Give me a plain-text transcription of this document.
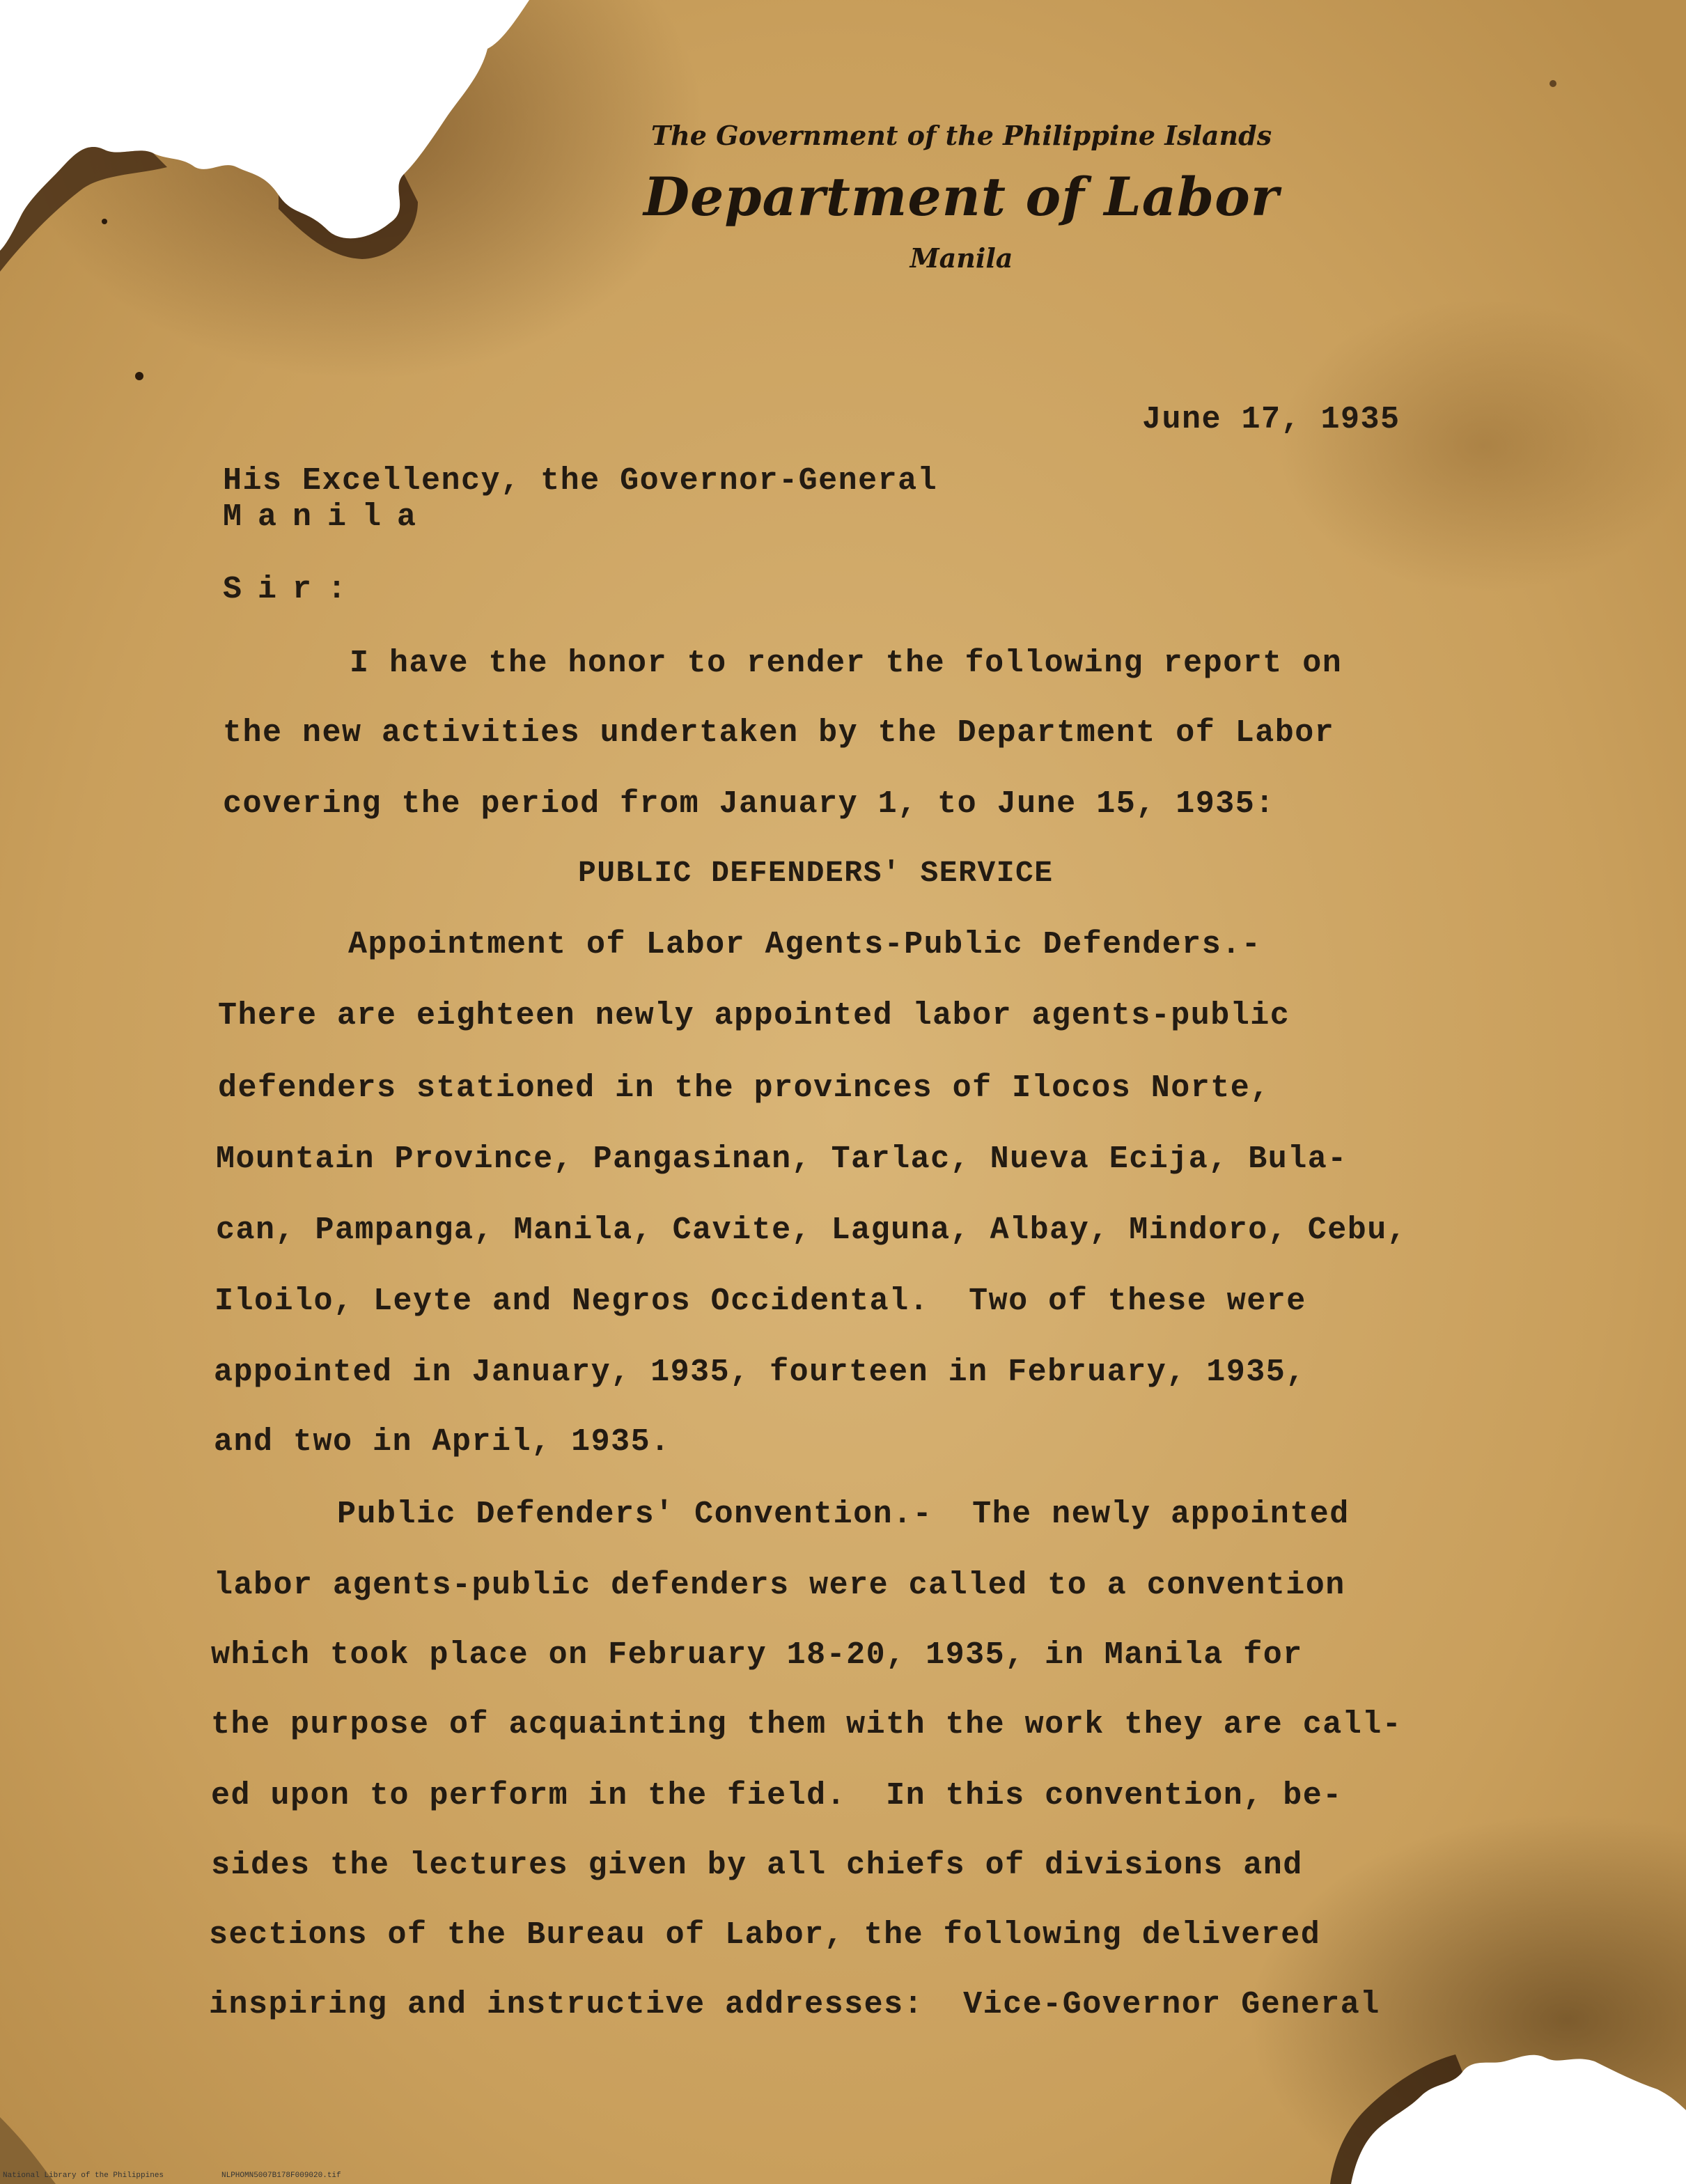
The Government of the Philippine Islands
Department of Labor
Manila
June 17, 1935
His Excellency, the Governor-General
Manila
Sir:
I have the honor to render the following report on
the new activities undertaken by the Department of Labor
covering the period from January 1, to June 15, 1935:
PUBLIC DEFENDERS' SERVICE
Appointment of Labor Agents-Public Defenders.-
There are eighteen newly appointed labor agents-public
defenders stationed in the provinces of Ilocos Norte,
Mountain Province, Pangasinan, Tarlac, Nueva Ecija, Bula-
can, Pampanga, Manila, Cavite, Laguna, Albay, Mindoro, Cebu,
Iloilo, Leyte and Negros Occidental.  Two of these were
appointed in January, 1935, fourteen in February, 1935,
and two in April, 1935.
Public Defenders' Convention.-  The newly appointed
labor agents-public defenders were called to a convention
which took place on February 18-20, 1935, in Manila for
the purpose of acquainting them with the work they are call-
ed upon to perform in the field.  In this convention, be-
sides the lectures given by all chiefs of divisions and
sections of the Bureau of Labor, the following delivered
inspiring and instructive addresses:  Vice-Governor General
National Library of the Philippines	NLPHOMN5007B178F009020.tif
